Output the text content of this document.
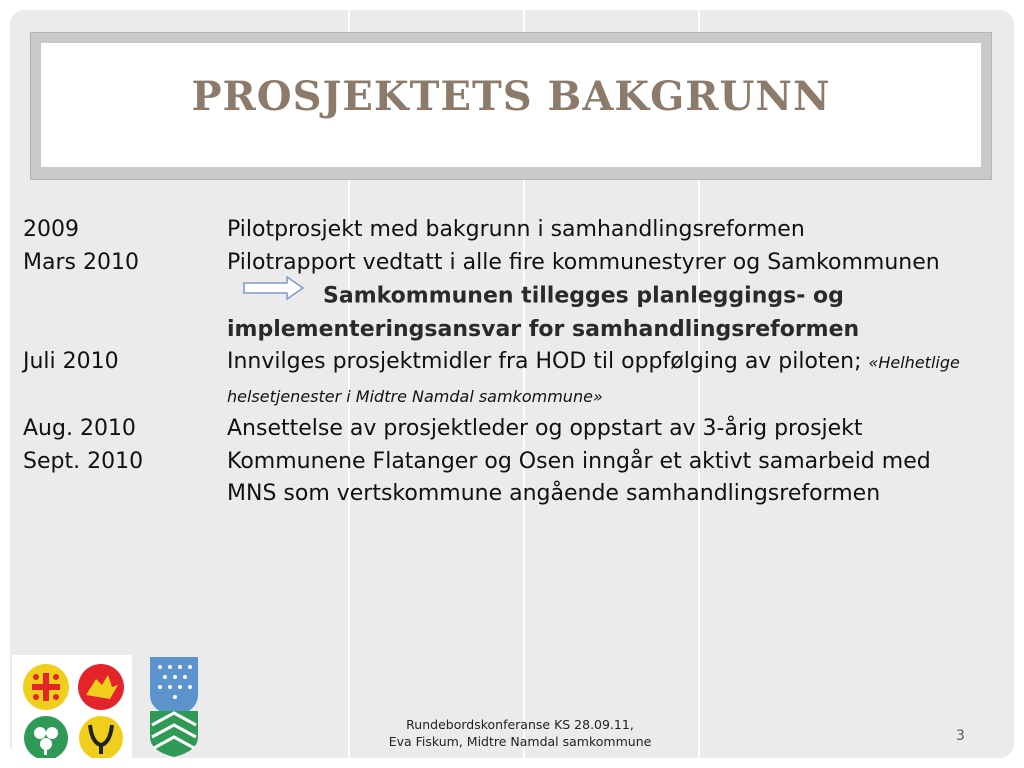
PROSJEKTETS BAKGRUNN
2009	Pilotprosjekt med bakgrunn i samhandlingsreformen
Mars 2010	Pilotrapport vedtatt i alle fire kommunestyrer og SamkommunenSamkommunen tillegges planleggings- og implementeringsansvar for samhandlingsreformen
Juli 2010	Innvilges prosjektmidler fra HOD til oppfølging av piloten; «Helhetlige helsetjenester i Midtre Namdal samkommune»
Aug. 2010	Ansettelse av prosjektleder og oppstart av 3-årig prosjekt
Sept. 2010	Kommunene Flatanger og Osen inngår et aktivt samarbeid med MNS som vertskommune angående samhandlingsreformen
Rundebordskonferanse KS 28.09.11,
Eva Fiskum, Midtre Namdal samkommune	3
